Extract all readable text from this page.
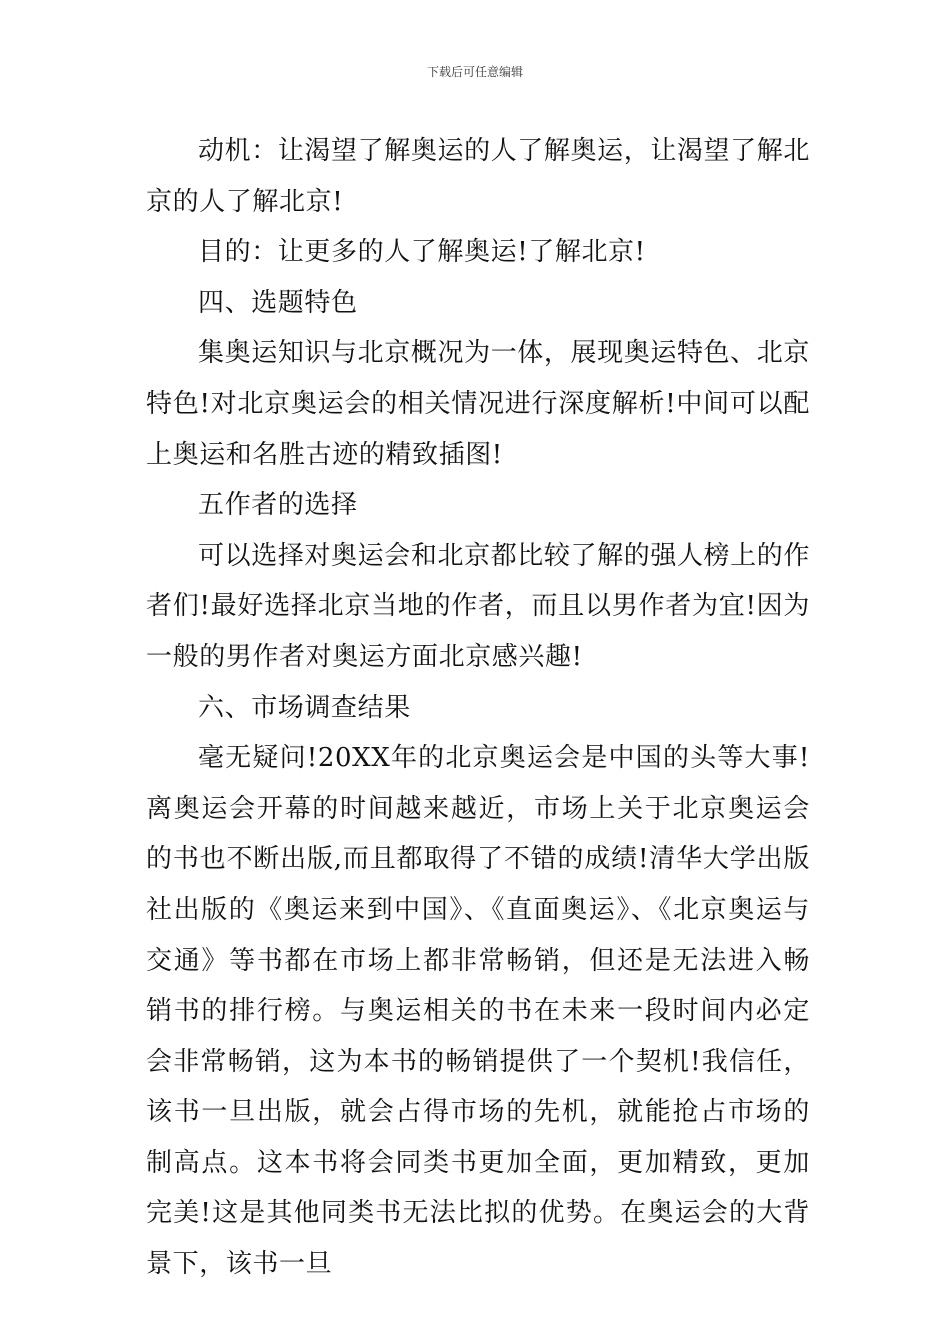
下载后可任意编辑

动机：让渴望了解奥运的人了解奥运，让渴望了解北京的人了解北京!

目的：让更多的人了解奥运!了解北京!

四、选题特色

集奥运知识与北京概况为一体，展现奥运特色、北京特色!对北京奥运会的相关情况进行深度解析!中间可以配上奥运和名胜古迹的精致插图!

五作者的选择

可以选择对奥运会和北京都比较了解的强人榜上的作者们!最好选择北京当地的作者，而且以男作者为宜!因为一般的男作者对奥运方面北京感兴趣!

六、市场调查结果

毫无疑问!20XX年的北京奥运会是中国的头等大事!离奥运会开幕的时间越来越近，市场上关于北京奥运会的书也不断出版,而且都取得了不错的成绩!清华大学出版社出版的《奥运来到中国》、《直面奥运》、《北京奥运与交通》等书都在市场上都非常畅销，但还是无法进入畅销书的排行榜。与奥运相关的书在未来一段时间内必定会非常畅销，这为本书的畅销提供了一个契机!我信任，该书一旦出版，就会占得市场的先机，就能抢占市场的制高点。这本书将会同类书更加全面，更加精致，更加完美!这是其他同类书无法比拟的优势。在奥运会的大背景下，该书一旦
